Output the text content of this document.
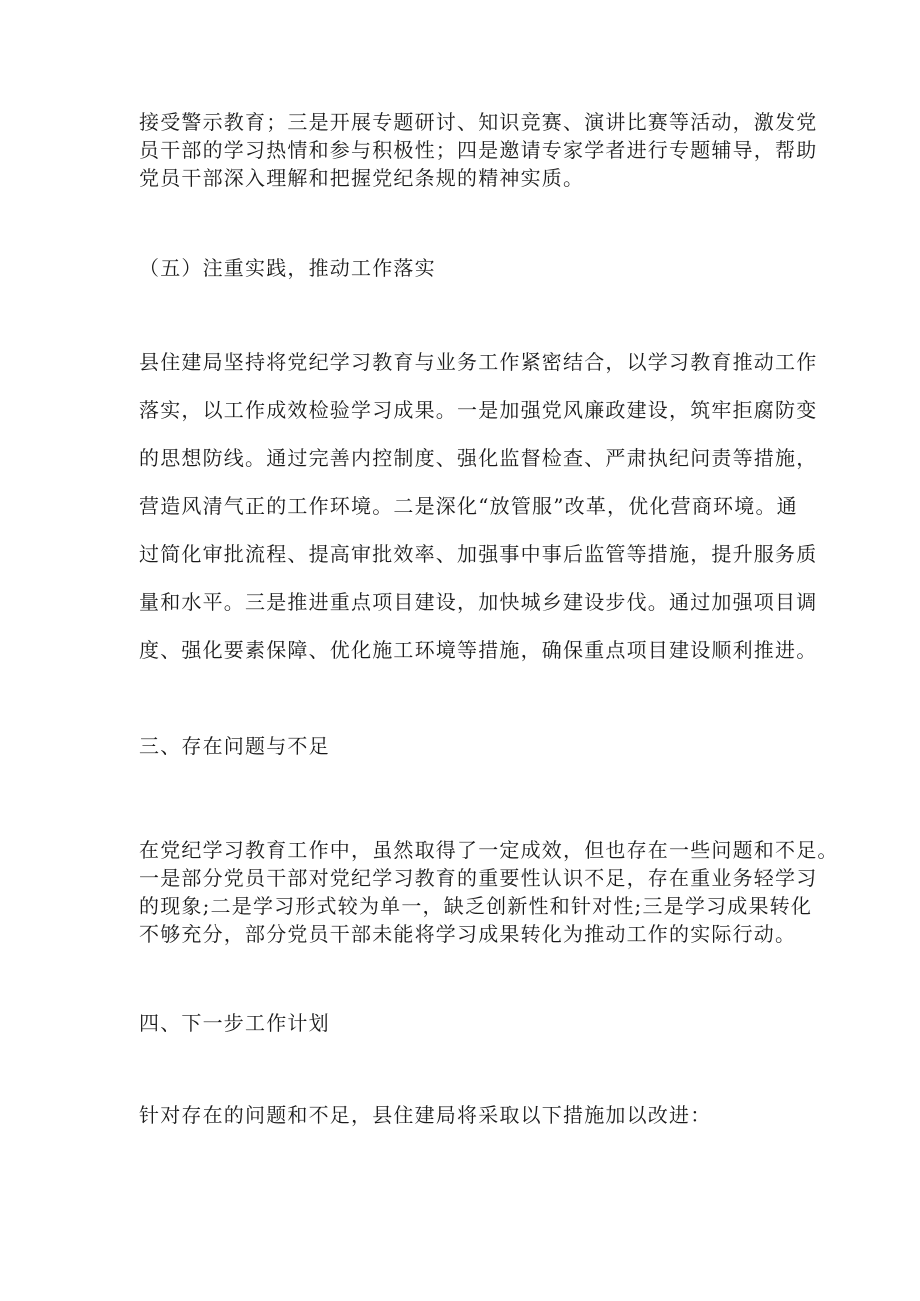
接受警示教育；三是开展专题研讨、知识竞赛、演讲比赛等活动，激发党
员干部的学习热情和参与积极性；四是邀请专家学者进行专题辅导，帮助
党员干部深入理解和把握党纪条规的精神实质。

（五）注重实践，推动工作落实

县住建局坚持将党纪学习教育与业务工作紧密结合，以学习教育推动工作
落实，以工作成效检验学习成果。一是加强党风廉政建设，筑牢拒腐防变
的思想防线。通过完善内控制度、强化监督检查、严肃执纪问责等措施，
营造风清气正的工作环境。二是深化“放管服”改革，优化营商环境。通
过简化审批流程、提高审批效率、加强事中事后监管等措施，提升服务质
量和水平。三是推进重点项目建设，加快城乡建设步伐。通过加强项目调
度、强化要素保障、优化施工环境等措施，确保重点项目建设顺利推进。

三、存在问题与不足

在党纪学习教育工作中，虽然取得了一定成效，但也存在一些问题和不足。
一是部分党员干部对党纪学习教育的重要性认识不足，存在重业务轻学习
的现象;二是学习形式较为单一，缺乏创新性和针对性;三是学习成果转化
不够充分，部分党员干部未能将学习成果转化为推动工作的实际行动。

四、下一步工作计划

针对存在的问题和不足，县住建局将采取以下措施加以改进：
